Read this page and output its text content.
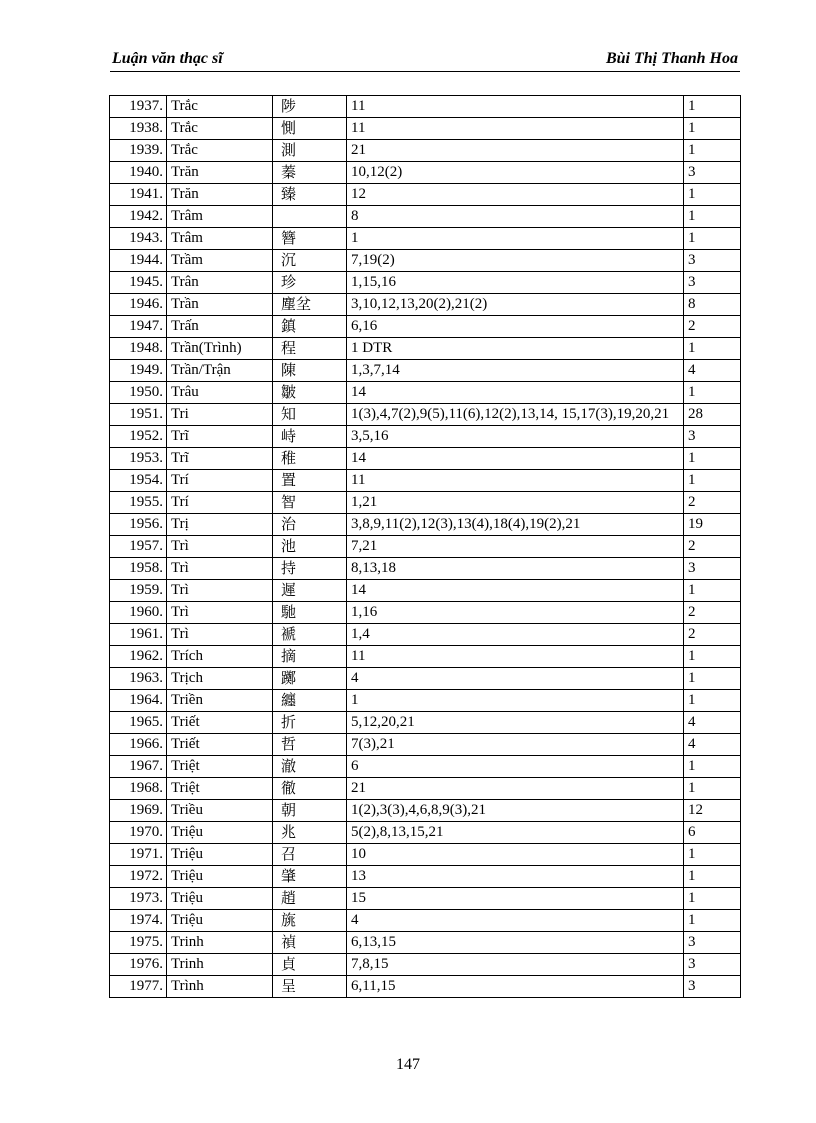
Luận văn thạc sĩ	Bùi Thị Thanh Hoa
1937.	Trắc	陟	11	1
1938.	Trắc	惻	11	1
1939.	Trắc	測	21	1
1940.	Trăn	蓁	10,12(2)	3
1941.	Trăn	臻	12	1
1942.	Trâm		8	1
1943.	Trâm	簪	1	1
1944.	Trầm	沉	7,19(2)	3
1945.	Trân	珍	1,15,16	3
1946.	Trần	塵坌	3,10,12,13,20(2),21(2)	8
1947.	Trấn	鎮	6,16	2
1948.	Trần(Trình)	程	1 DTR	1
1949.	Trần/Trận	陳	1,3,7,14	4
1950.	Trâu	皺	14	1
1951.	Tri	知	1(3),4,7(2),9(5),11(6),12(2),13,14, 15,17(3),19,20,21	28
1952.	Trĩ	峙	3,5,16	3
1953.	Trĩ	稚	14	1
1954.	Trí	置	11	1
1955.	Trí	智	1,21	2
1956.	Trị	治	3,8,9,11(2),12(3),13(4),18(4),19(2),21	19
1957.	Trì	池	7,21	2
1958.	Trì	持	8,13,18	3
1959.	Trì	遲	14	1
1960.	Trì	馳	1,16	2
1961.	Trì	褫	1,4	2
1962.	Trích	摘	11	1
1963.	Trịch	躑	4	1
1964.	Triền	纏	1	1
1965.	Triết	折	5,12,20,21	4
1966.	Triết	哲	7(3),21	4
1967.	Triệt	澈	6	1
1968.	Triệt	徹	21	1
1969.	Triều	朝	1(2),3(3),4,6,8,9(3),21	12
1970.	Triệu	兆	5(2),8,13,15,21	6
1971.	Triệu	召	10	1
1972.	Triệu	肇	13	1
1973.	Triệu	趙	15	1
1974.	Triệu	旐	4	1
1975.	Trinh	禎	6,13,15	3
1976.	Trinh	貞	7,8,15	3
1977.	Trình	呈	6,11,15	3
147
